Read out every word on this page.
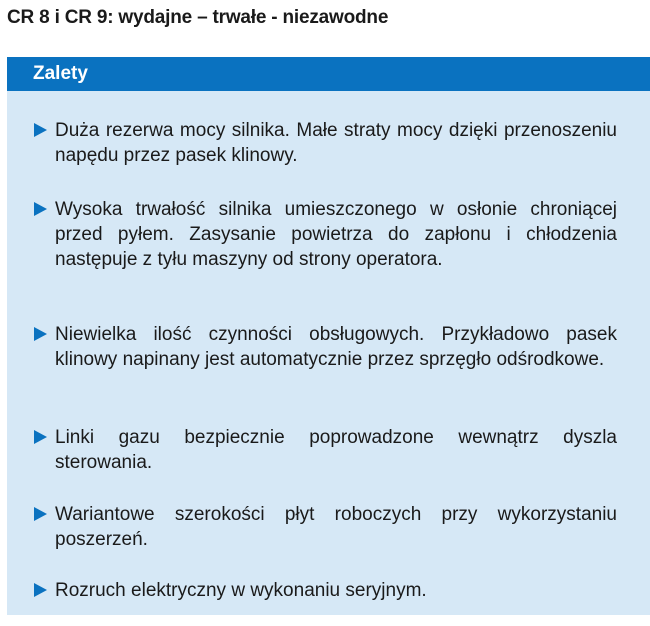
CR 8 i CR 9: wydajne – trwałe - niezawodne
Zalety
Duża rezerwa mocy silnika. Małe straty mocy dzięki przenoszeniu napędu przez pasek klinowy.
Wysoka trwałość silnika umieszczonego w osłonie chroniącej przed pyłem. Zasysanie powietrza do zapłonu i chłodzenia następuje z tyłu maszyny od strony operatora.
Niewielka ilość czynności obsługowych. Przykładowo pasek klinowy napinany jest automatycznie przez sprzęgło odśrodkowe.
Linki gazu bezpiecznie poprowadzone wewnątrz dyszla sterowania.
Wariantowe szerokości płyt roboczych przy wykorzystaniu poszerzeń.
Rozruch elektryczny w wykonaniu seryjnym.
